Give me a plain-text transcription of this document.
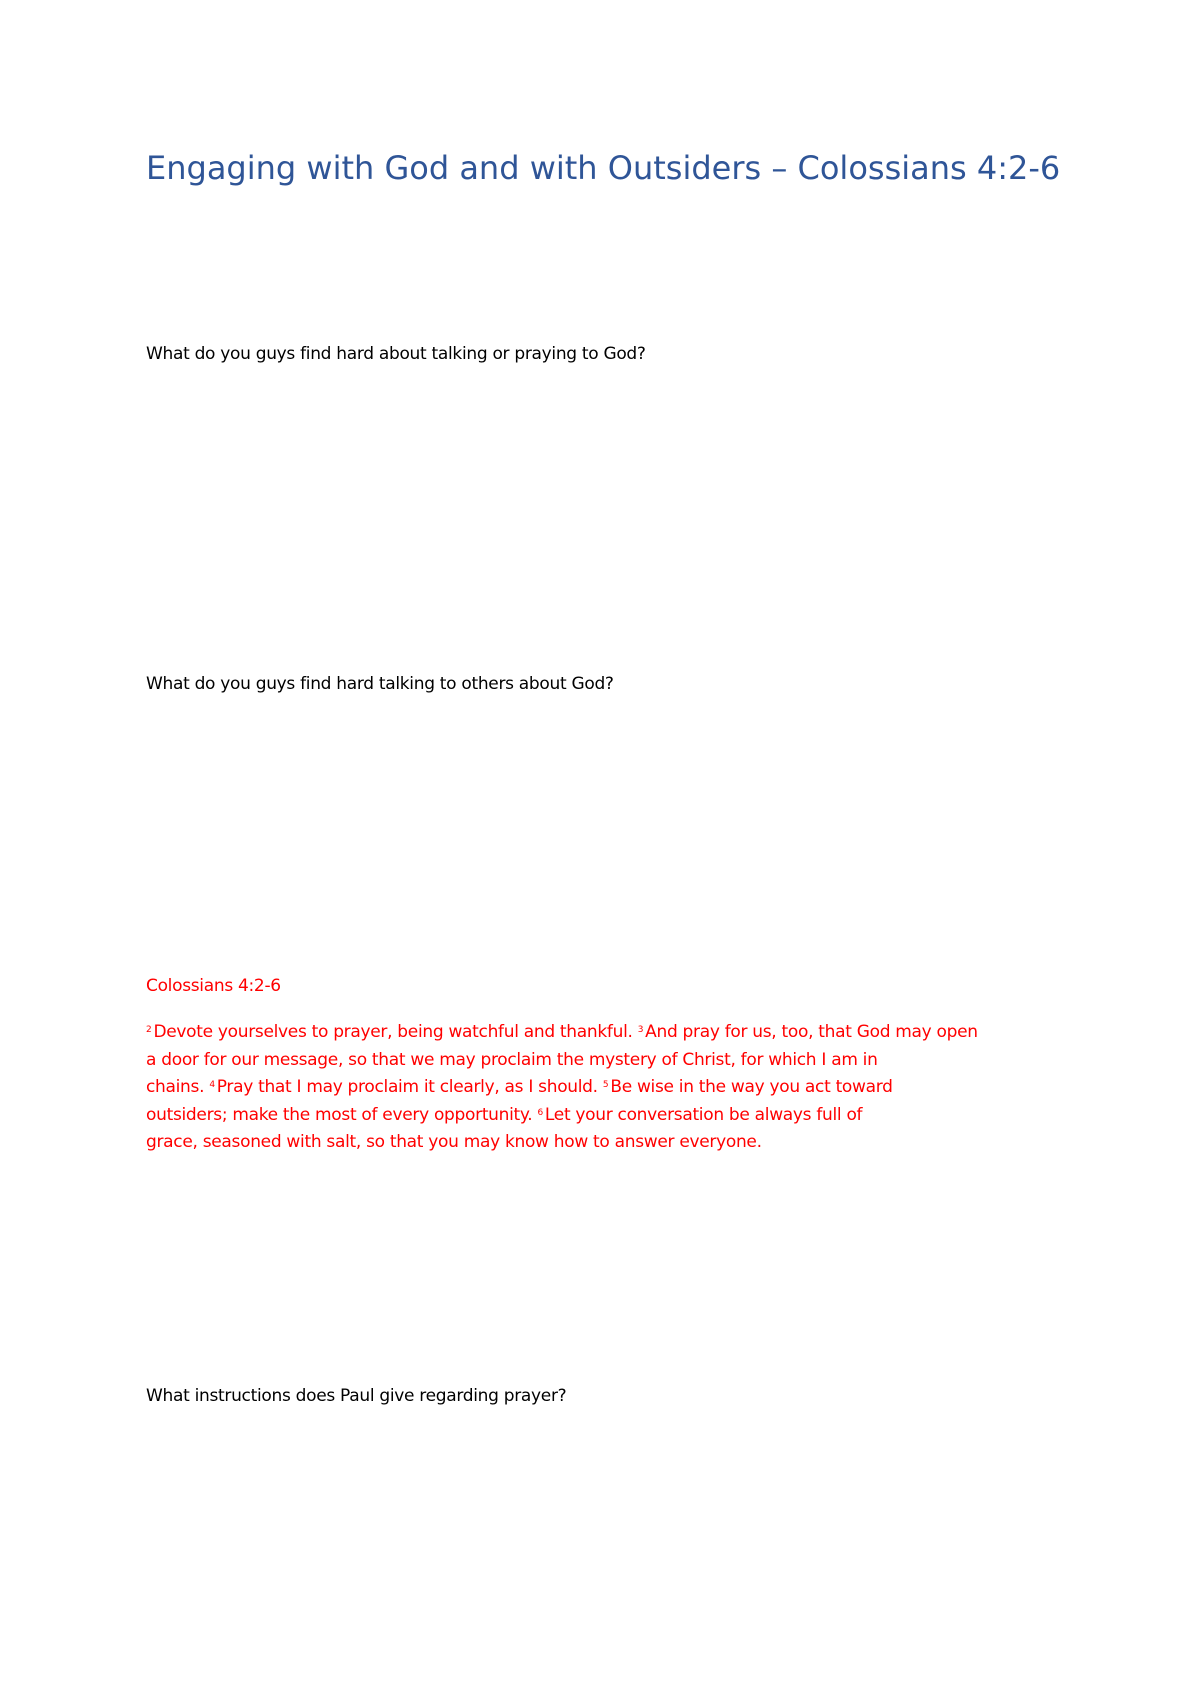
Engaging with God and with Outsiders – Colossians 4:2-6

What do you guys find hard about talking or praying to God?

What do you guys find hard talking to others about God?

Colossians 4:2-6

$^2$ Devote yourselves to prayer, being watchful and thankful. $^3$ And pray for us, too, that God may open
a door for our message, so that we may proclaim the mystery of Christ, for which I am in
chains. $^4$ Pray that I may proclaim it clearly, as I should. $^5$ Be wise in the way you act toward
outsiders; make the most of every opportunity. $^6$ Let your conversation be always full of
grace, seasoned with salt, so that you may know how to answer everyone.

What instructions does Paul give regarding prayer?
